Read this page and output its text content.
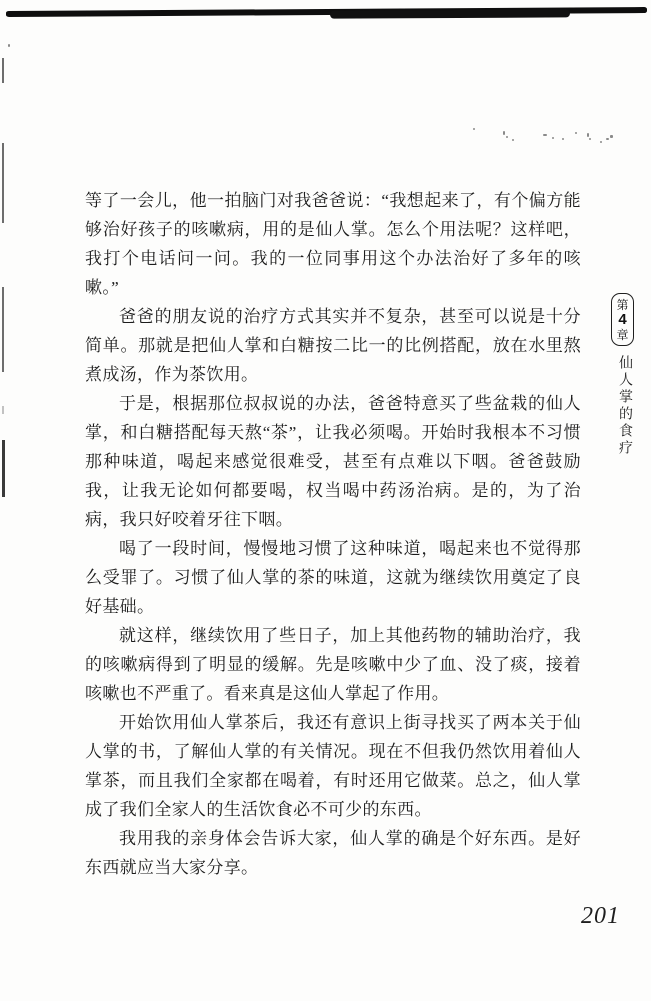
等了一会儿，他一拍脑门对我爸爸说：“我想起来了，有个偏方能够治好孩子的咳嗽病，用的是仙人掌。怎么个用法呢？这样吧，我打个电话问一问。我的一位同事用这个办法治好了多年的咳嗽。”

爸爸的朋友说的治疗方式其实并不复杂，甚至可以说是十分简单。那就是把仙人掌和白糖按二比一的比例搭配，放在水里熬煮成汤，作为茶饮用。

于是，根据那位叔叔说的办法，爸爸特意买了些盆栽的仙人掌，和白糖搭配每天熬“茶”，让我必须喝。开始时我根本不习惯那种味道，喝起来感觉很难受，甚至有点难以下咽。爸爸鼓励我，让我无论如何都要喝，权当喝中药汤治病。是的，为了治病，我只好咬着牙往下咽。

喝了一段时间，慢慢地习惯了这种味道，喝起来也不觉得那么受罪了。习惯了仙人掌的茶的味道，这就为继续饮用奠定了良好基础。

就这样，继续饮用了些日子，加上其他药物的辅助治疗，我的咳嗽病得到了明显的缓解。先是咳嗽中少了血、没了痰，接着咳嗽也不严重了。看来真是这仙人掌起了作用。

开始饮用仙人掌茶后，我还有意识上街寻找买了两本关于仙人掌的书，了解仙人掌的有关情况。现在不但我仍然饮用着仙人掌茶，而且我们全家都在喝着，有时还用它做菜。总之，仙人掌成了我们全家人的生活饮食必不可少的东西。

我用我的亲身体会告诉大家，仙人掌的确是个好东西。是好东西就应当大家分享。

第
4
章
仙人掌的食疗
201
